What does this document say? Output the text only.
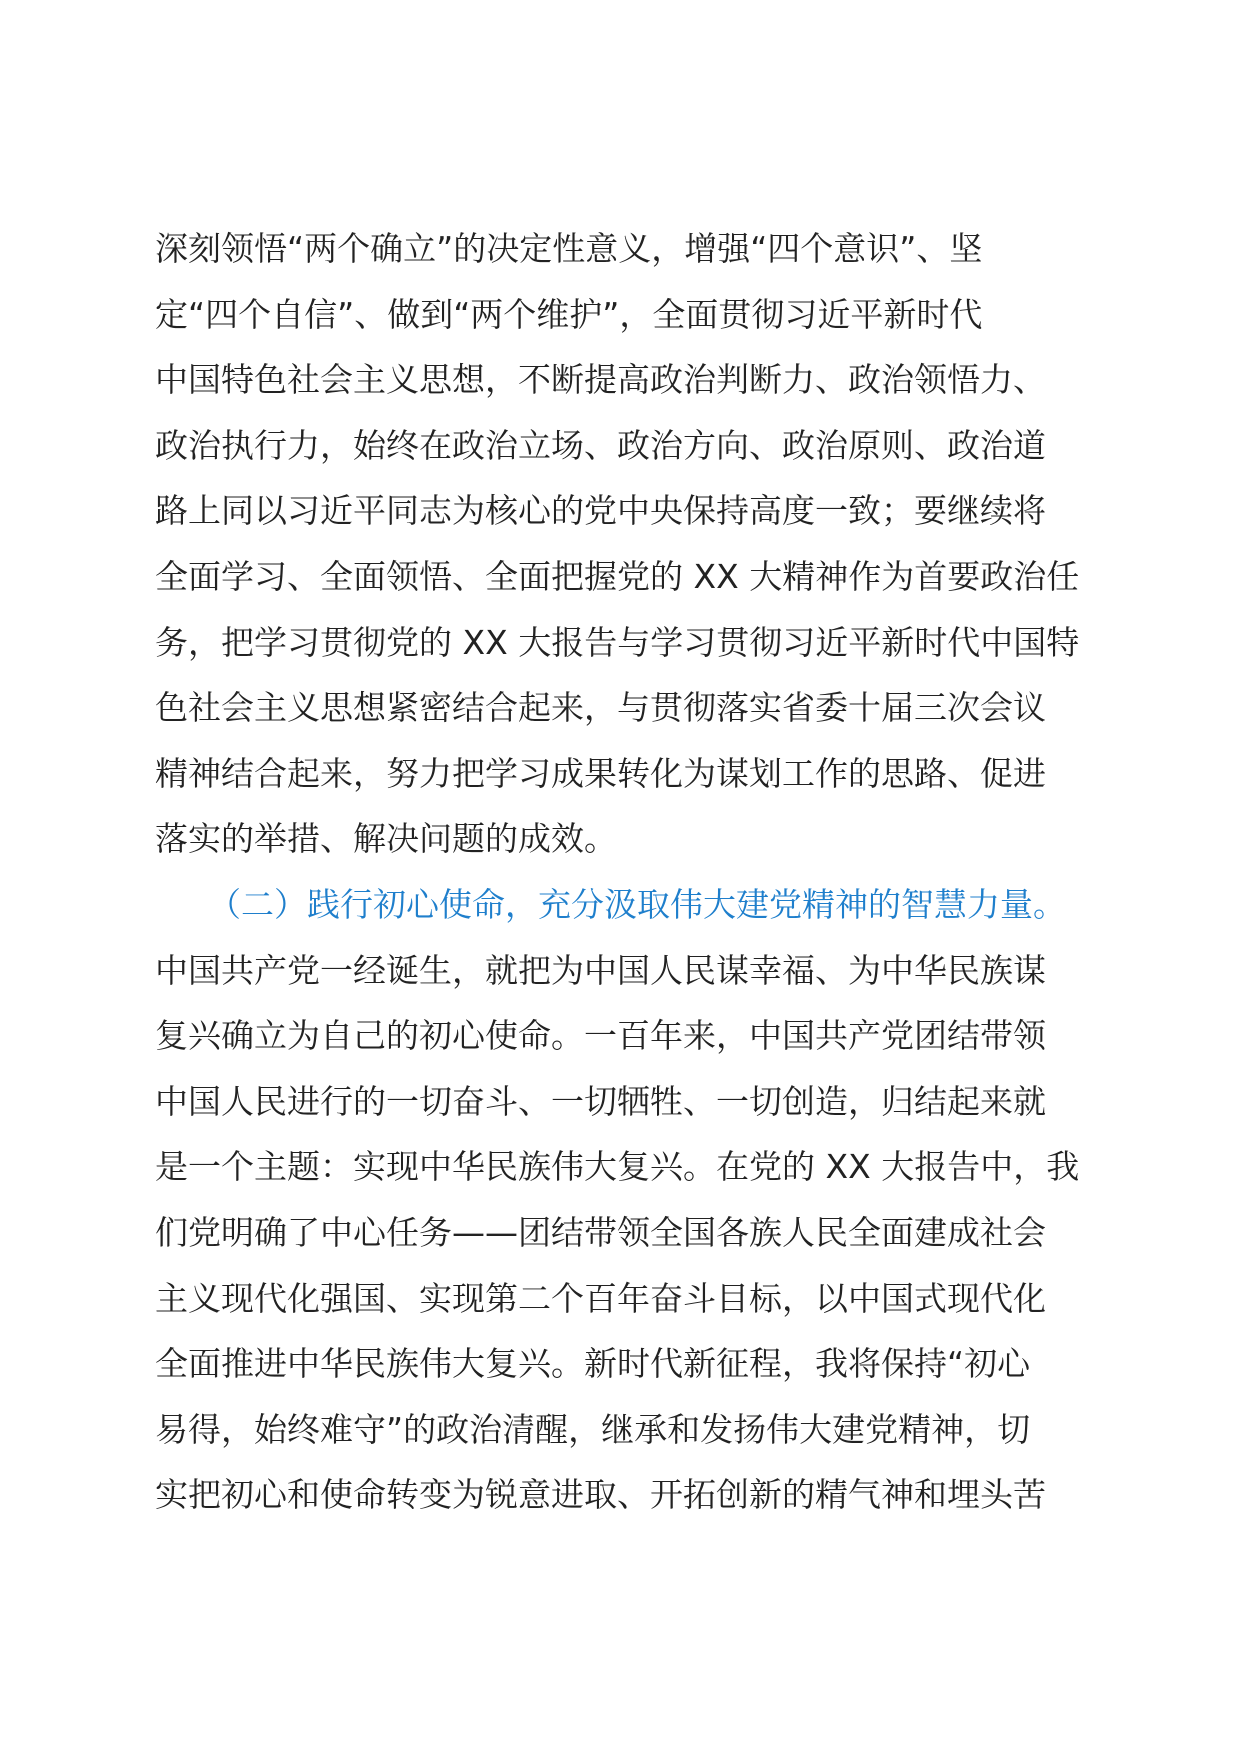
深刻领悟“两个确立”的决定性意义，增强“四个意识”、坚
定“四个自信”、做到“两个维护”，全面贯彻习近平新时代
中国特色社会主义思想，不断提高政治判断力、政治领悟力、
政治执行力，始终在政治立场、政治方向、政治原则、政治道
路上同以习近平同志为核心的党中央保持高度一致；要继续将
全面学习、全面领悟、全面把握党的 XX 大精神作为首要政治任
务，把学习贯彻党的 XX 大报告与学习贯彻习近平新时代中国特
色社会主义思想紧密结合起来，与贯彻落实省委十届三次会议
精神结合起来，努力把学习成果转化为谋划工作的思路、促进
落实的举措、解决问题的成效。
（二）践行初心使命，充分汲取伟大建党精神的智慧力量。
中国共产党一经诞生，就把为中国人民谋幸福、为中华民族谋
复兴确立为自己的初心使命。一百年来，中国共产党团结带领
中国人民进行的一切奋斗、一切牺牲、一切创造，归结起来就
是一个主题：实现中华民族伟大复兴。在党的 XX 大报告中，我
们党明确了中心任务——团结带领全国各族人民全面建成社会
主义现代化强国、实现第二个百年奋斗目标，以中国式现代化
全面推进中华民族伟大复兴。新时代新征程，我将保持“初心
易得，始终难守”的政治清醒，继承和发扬伟大建党精神，切
实把初心和使命转变为锐意进取、开拓创新的精气神和埋头苦
